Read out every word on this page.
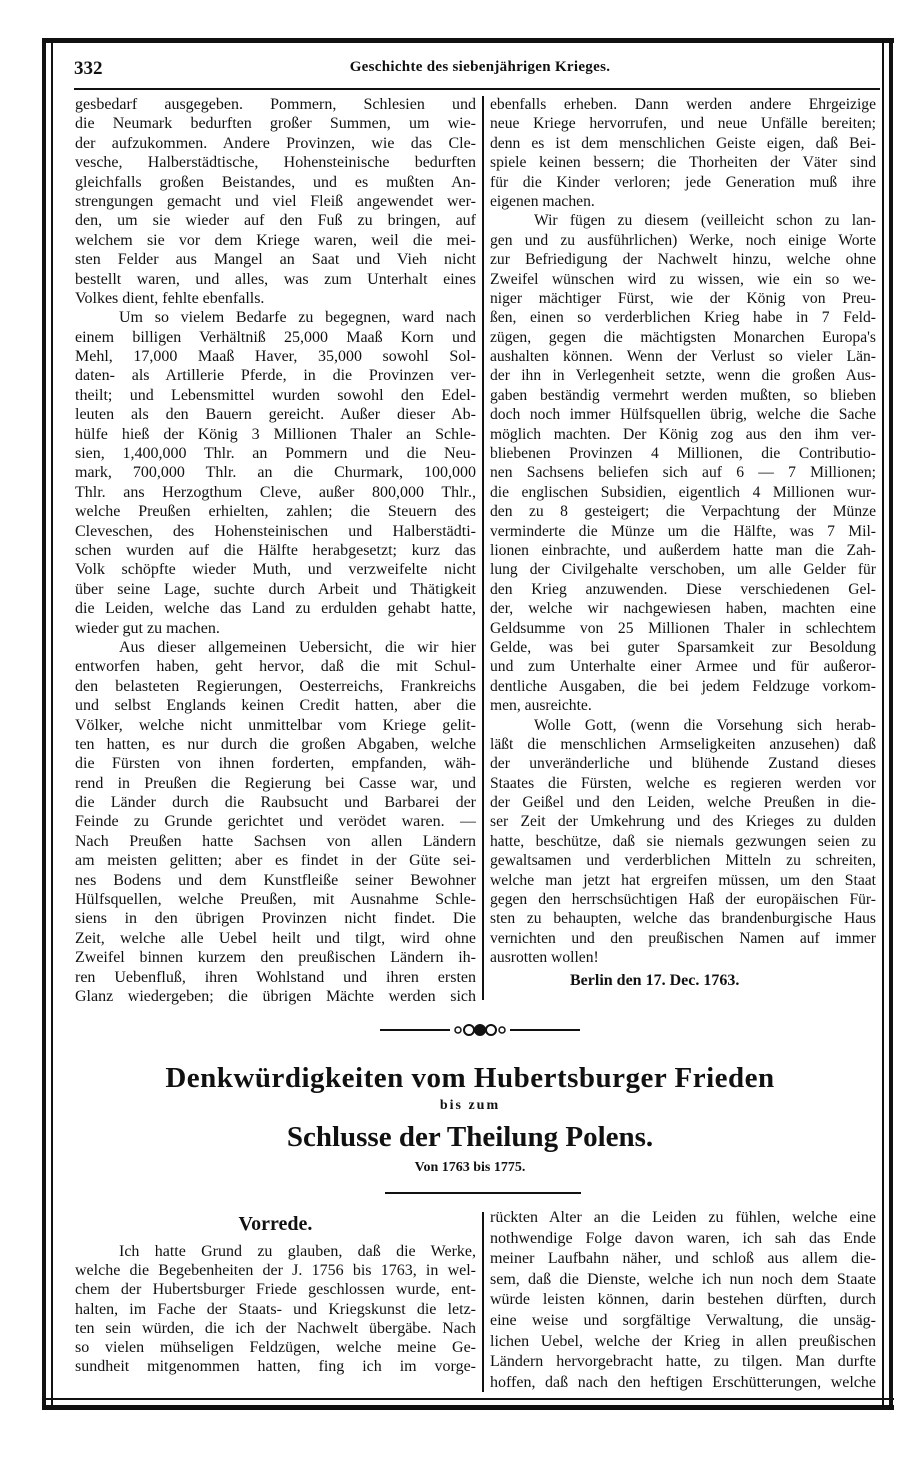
332	Geschichte des siebenjährigen Krieges.
gesbedarf ausgegeben. Pommern, Schlesien und
die Neumark bedurften großer Summen, um wie-
der aufzukommen. Andere Provinzen, wie das Cle-
vesche, Halberstädtische, Hohensteinische bedurften
gleichfalls großen Beistandes, und es mußten An-
strengungen gemacht und viel Fleiß angewendet wer-
den, um sie wieder auf den Fuß zu bringen, auf
welchem sie vor dem Kriege waren, weil die mei-
sten Felder aus Mangel an Saat und Vieh nicht
bestellt waren, und alles, was zum Unterhalt eines
Volkes dient, fehlte ebenfalls.
Um so vielem Bedarfe zu begegnen, ward nach
einem billigen Verhältniß 25,000 Maaß Korn und
Mehl, 17,000 Maaß Haver, 35,000 sowohl Sol-
daten- als Artillerie Pferde, in die Provinzen ver-
theilt; und Lebensmittel wurden sowohl den Edel-
leuten als den Bauern gereicht. Außer dieser Ab-
hülfe hieß der König 3 Millionen Thaler an Schle-
sien, 1,400,000 Thlr. an Pommern und die Neu-
mark, 700,000 Thlr. an die Churmark, 100,000
Thlr. ans Herzogthum Cleve, außer 800,000 Thlr.,
welche Preußen erhielten, zahlen; die Steuern des
Cleveschen, des Hohensteinischen und Halberstädti-
schen wurden auf die Hälfte herabgesetzt; kurz das
Volk schöpfte wieder Muth, und verzweifelte nicht
über seine Lage, suchte durch Arbeit und Thätigkeit
die Leiden, welche das Land zu erdulden gehabt hatte,
wieder gut zu machen.
Aus dieser allgemeinen Uebersicht, die wir hier
entworfen haben, geht hervor, daß die mit Schul-
den belasteten Regierungen, Oesterreichs, Frankreichs
und selbst Englands keinen Credit hatten, aber die
Völker, welche nicht unmittelbar vom Kriege gelit-
ten hatten, es nur durch die großen Abgaben, welche
die Fürsten von ihnen forderten, empfanden, wäh-
rend in Preußen die Regierung bei Casse war, und
die Länder durch die Raubsucht und Barbarei der
Feinde zu Grunde gerichtet und verödet waren. —
Nach Preußen hatte Sachsen von allen Ländern
am meisten gelitten; aber es findet in der Güte sei-
nes Bodens und dem Kunstfleiße seiner Bewohner
Hülfsquellen, welche Preußen, mit Ausnahme Schle-
siens in den übrigen Provinzen nicht findet. Die
Zeit, welche alle Uebel heilt und tilgt, wird ohne
Zweifel binnen kurzem den preußischen Ländern ih-
ren Uebenfluß, ihren Wohlstand und ihren ersten
Glanz wiedergeben; die übrigen Mächte werden sich
ebenfalls erheben. Dann werden andere Ehrgeizige
neue Kriege hervorrufen, und neue Unfälle bereiten;
denn es ist dem menschlichen Geiste eigen, daß Bei-
spiele keinen bessern; die Thorheiten der Väter sind
für die Kinder verloren; jede Generation muß ihre
eigenen machen.
Wir fügen zu diesem (veilleicht schon zu lan-
gen und zu ausführlichen) Werke, noch einige Worte
zur Befriedigung der Nachwelt hinzu, welche ohne
Zweifel wünschen wird zu wissen, wie ein so we-
niger mächtiger Fürst, wie der König von Preu-
ßen, einen so verderblichen Krieg habe in 7 Feld-
zügen, gegen die mächtigsten Monarchen Europa's
aushalten können. Wenn der Verlust so vieler Län-
der ihn in Verlegenheit setzte, wenn die großen Aus-
gaben beständig vermehrt werden mußten, so blieben
doch noch immer Hülfsquellen übrig, welche die Sache
möglich machten. Der König zog aus den ihm ver-
bliebenen Provinzen 4 Millionen, die Contributio-
nen Sachsens beliefen sich auf 6 — 7 Millionen;
die englischen Subsidien, eigentlich 4 Millionen wur-
den zu 8 gesteigert; die Verpachtung der Münze
verminderte die Münze um die Hälfte, was 7 Mil-
lionen einbrachte, und außerdem hatte man die Zah-
lung der Civilgehalte verschoben, um alle Gelder für
den Krieg anzuwenden. Diese verschiedenen Gel-
der, welche wir nachgewiesen haben, machten eine
Geldsumme von 25 Millionen Thaler in schlechtem
Gelde, was bei guter Sparsamkeit zur Besoldung
und zum Unterhalte einer Armee und für außeror-
dentliche Ausgaben, die bei jedem Feldzuge vorkom-
men, ausreichte.
Wolle Gott, (wenn die Vorsehung sich herab-
läßt die menschlichen Armseligkeiten anzusehen) daß
der unveränderliche und blühende Zustand dieses
Staates die Fürsten, welche es regieren werden vor
der Geißel und den Leiden, welche Preußen in die-
ser Zeit der Umkehrung und des Krieges zu dulden
hatte, beschütze, daß sie niemals gezwungen seien zu
gewaltsamen und verderblichen Mitteln zu schreiten,
welche man jetzt hat ergreifen müssen, um den Staat
gegen den herrschsüchtigen Haß der europäischen Für-
sten zu behaupten, welche das brandenburgische Haus
vernichten und den preußischen Namen auf immer
ausrotten wollen!
Berlin den 17. Dec. 1763.
Denkwürdigkeiten vom Hubertsburger Frieden
bis zum
Schlusse der Theilung Polens.
Von 1763 bis 1775.
Vorrede.
Ich hatte Grund zu glauben, daß die Werke,
welche die Begebenheiten der J. 1756 bis 1763, in wel-
chem der Hubertsburger Friede geschlossen wurde, ent-
halten, im Fache der Staats- und Kriegskunst die letz-
ten sein würden, die ich der Nachwelt übergäbe. Nach
so vielen mühseligen Feldzügen, welche meine Ge-
sundheit mitgenommen hatten, fing ich im vorge-
rückten Alter an die Leiden zu fühlen, welche eine
nothwendige Folge davon waren, ich sah das Ende
meiner Laufbahn näher, und schloß aus allem die-
sem, daß die Dienste, welche ich nun noch dem Staate
würde leisten können, darin bestehen dürften, durch
eine weise und sorgfältige Verwaltung, die unsäg-
lichen Uebel, welche der Krieg in allen preußischen
Ländern hervorgebracht hatte, zu tilgen. Man durfte
hoffen, daß nach den heftigen Erschütterungen, welche
